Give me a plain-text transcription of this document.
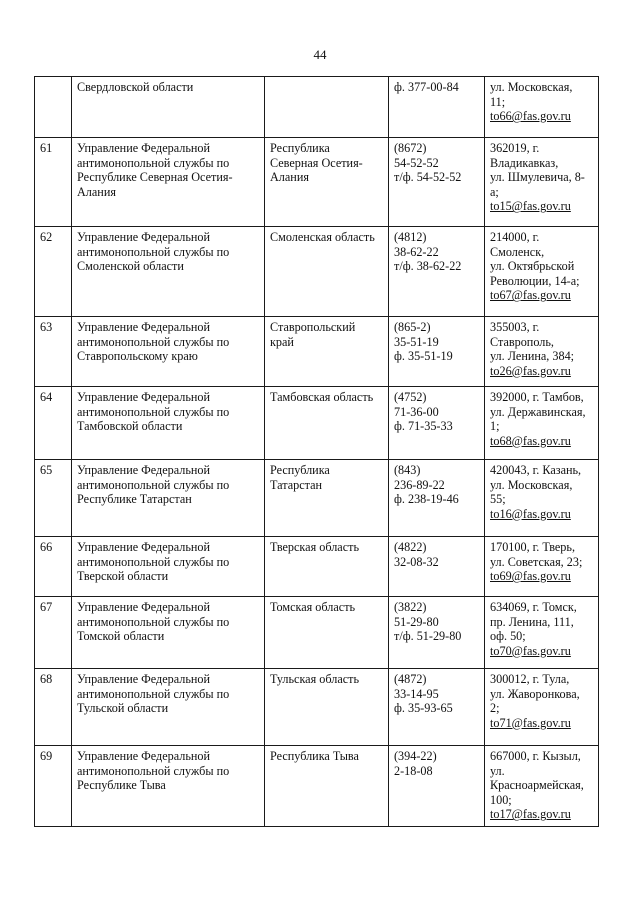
44

	Свердловской области		ф. 377-00-84	ул. Московская,
11;
to66@fas.gov.ru

61	Управление Федеральной
антимонопольной службы по
Республике Северная Осетия-
Алания	Республика
Северная Осетия-
Алания	(8672)
54-52-52
т/ф. 54-52-52	362019, г.
Владикавказ,
ул. Шмулевича, 8-
а;
to15@fas.gov.ru

62	Управление Федеральной
антимонопольной службы по
Смоленской области	Смоленская область	(4812)
38-62-22
т/ф. 38-62-22	214000, г.
Смоленск,
ул. Октябрьской
Революции, 14-а;
to67@fas.gov.ru

63	Управление Федеральной
антимонопольной службы по
Ставропольскому краю	Ставропольский
край	(865-2)
35-51-19
ф. 35-51-19	355003, г.
Ставрополь,
ул. Ленина, 384;
to26@fas.gov.ru

64	Управление Федеральной
антимонопольной службы по
Тамбовской области	Тамбовская область	(4752)
71-36-00
ф. 71-35-33	392000, г. Тамбов,
ул. Державинская,
1;
to68@fas.gov.ru

65	Управление Федеральной
антимонопольной службы по
Республике Татарстан	Республика
Татарстан	(843)
236-89-22
ф. 238-19-46	420043, г. Казань,
ул. Московская,
55;
to16@fas.gov.ru

66	Управление Федеральной
антимонопольной службы по
Тверской области	Тверская область	(4822)
32-08-32	170100, г. Тверь,
ул. Советская, 23;
to69@fas.gov.ru

67	Управление Федеральной
антимонопольной службы по
Томской области	Томская область	(3822)
51-29-80
т/ф. 51-29-80	634069, г. Томск,
пр. Ленина, 111,
оф. 50;
to70@fas.gov.ru

68	Управление Федеральной
антимонопольной службы по
Тульской области	Тульская область	(4872)
33-14-95
ф. 35-93-65	300012, г. Тула,
ул. Жаворонкова,
2;
to71@fas.gov.ru

69	Управление Федеральной
антимонопольной службы по
Республике Тыва	Республика Тыва	(394-22)
2-18-08	667000, г. Кызыл,
ул.
Красноармейская,
100;
to17@fas.gov.ru
